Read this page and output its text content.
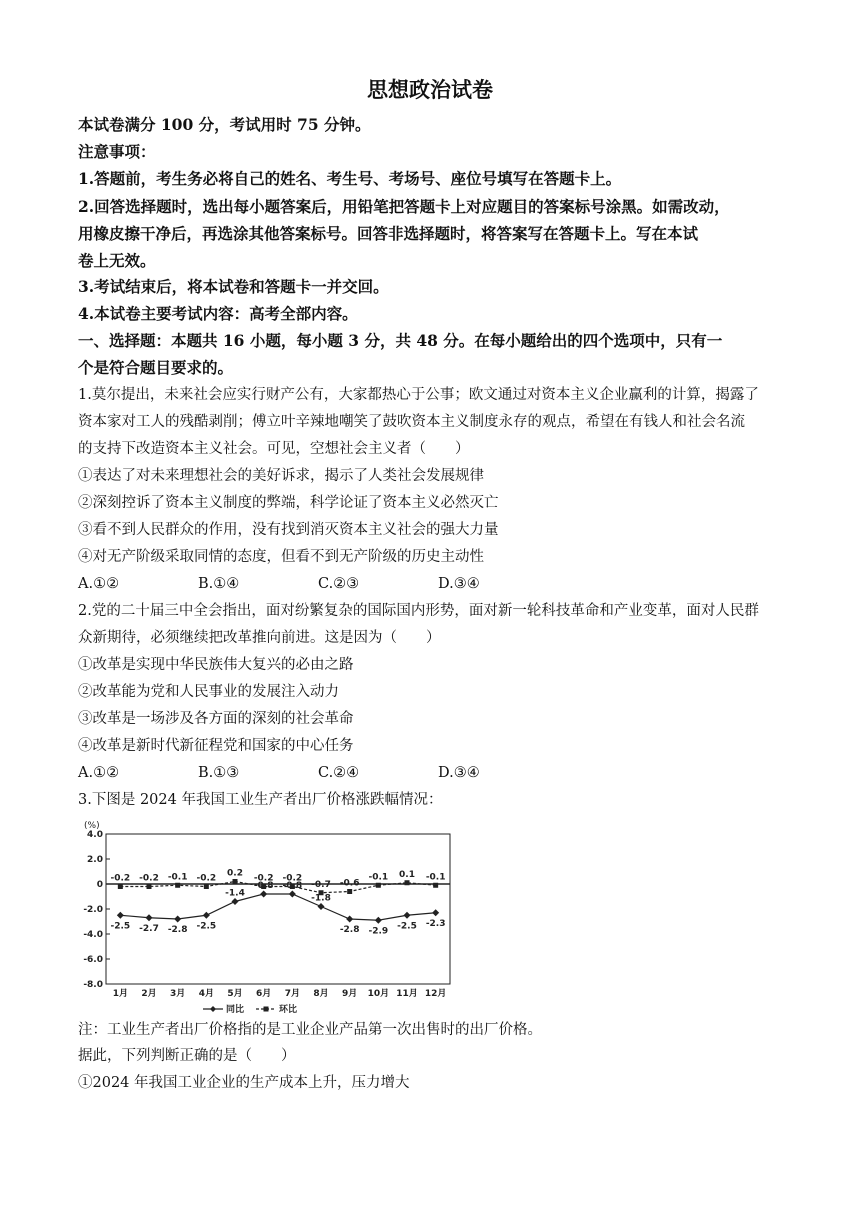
思想政治试卷
本试卷满分 100 分，考试用时 75 分钟。
注意事项：
1.答题前，考生务必将自己的姓名、考生号、考场号、座位号填写在答题卡上。
2.回答选择题时，选出每小题答案后，用铅笔把答题卡上对应题目的答案标号涂黑。如需改动，
用橡皮擦干净后，再选涂其他答案标号。回答非选择题时，将答案写在答题卡上。写在本试
卷上无效。
3.考试结束后，将本试卷和答题卡一并交回。
4.本试卷主要考试内容：高考全部内容。
一、选择题：本题共 16 小题，每小题 3 分，共 48 分。在每小题给出的四个选项中，只有一
个是符合题目要求的。
1.莫尔提出，未来社会应实行财产公有，大家都热心于公事；欧文通过对资本主义企业赢利的计算，揭露了
资本家对工人的残酷剥削；傅立叶辛辣地嘲笑了鼓吹资本主义制度永存的观点，希望在有钱人和社会名流
的支持下改造资本主义社会。可见，空想社会主义者（　　）
①表达了对未来理想社会的美好诉求，揭示了人类社会发展规律
②深刻控诉了资本主义制度的弊端，科学论证了资本主义必然灭亡
③看不到人民群众的作用，没有找到消灭资本主义社会的强大力量
④对无产阶级采取同情的态度，但看不到无产阶级的历史主动性
A.①②	B.①④	C.②③	D.③④
2.党的二十届三中全会指出，面对纷繁复杂的国际国内形势，面对新一轮科技革命和产业变革，面对人民群
众新期待，必须继续把改革推向前进。这是因为（　　）
①改革是实现中华民族伟大复兴的必由之路
②改革能为党和人民事业的发展注入动力
③改革是一场涉及各方面的深刻的社会革命
④改革是新时代新征程党和国家的中心任务
A.①②	B.①③	C.②④	D.③④
3.下图是 2024 年我国工业生产者出厂价格涨跌幅情况：
(%)
4.0
2.0
0
-2.0
-4.0
-6.0
-8.0
1月 2月 3月 4月 5月 6月 7月 8月 9月 10月 11月 12月
-0.2 -0.2 -0.1 -0.2 0.2 -0.2 -0.2
-0.7 -0.6
-0.1 0.1 -0.1
-2.5 -2.7 -2.8 -2.5
-1.4
-0.8 -0.8
-1.8
-2.8 -2.9 -2.5 -2.3
同比	环比
注：工业生产者出厂价格指的是工业企业产品第一次出售时的出厂价格。
据此，下列判断正确的是（　　）
①2024 年我国工业企业的生产成本上升，压力增大
